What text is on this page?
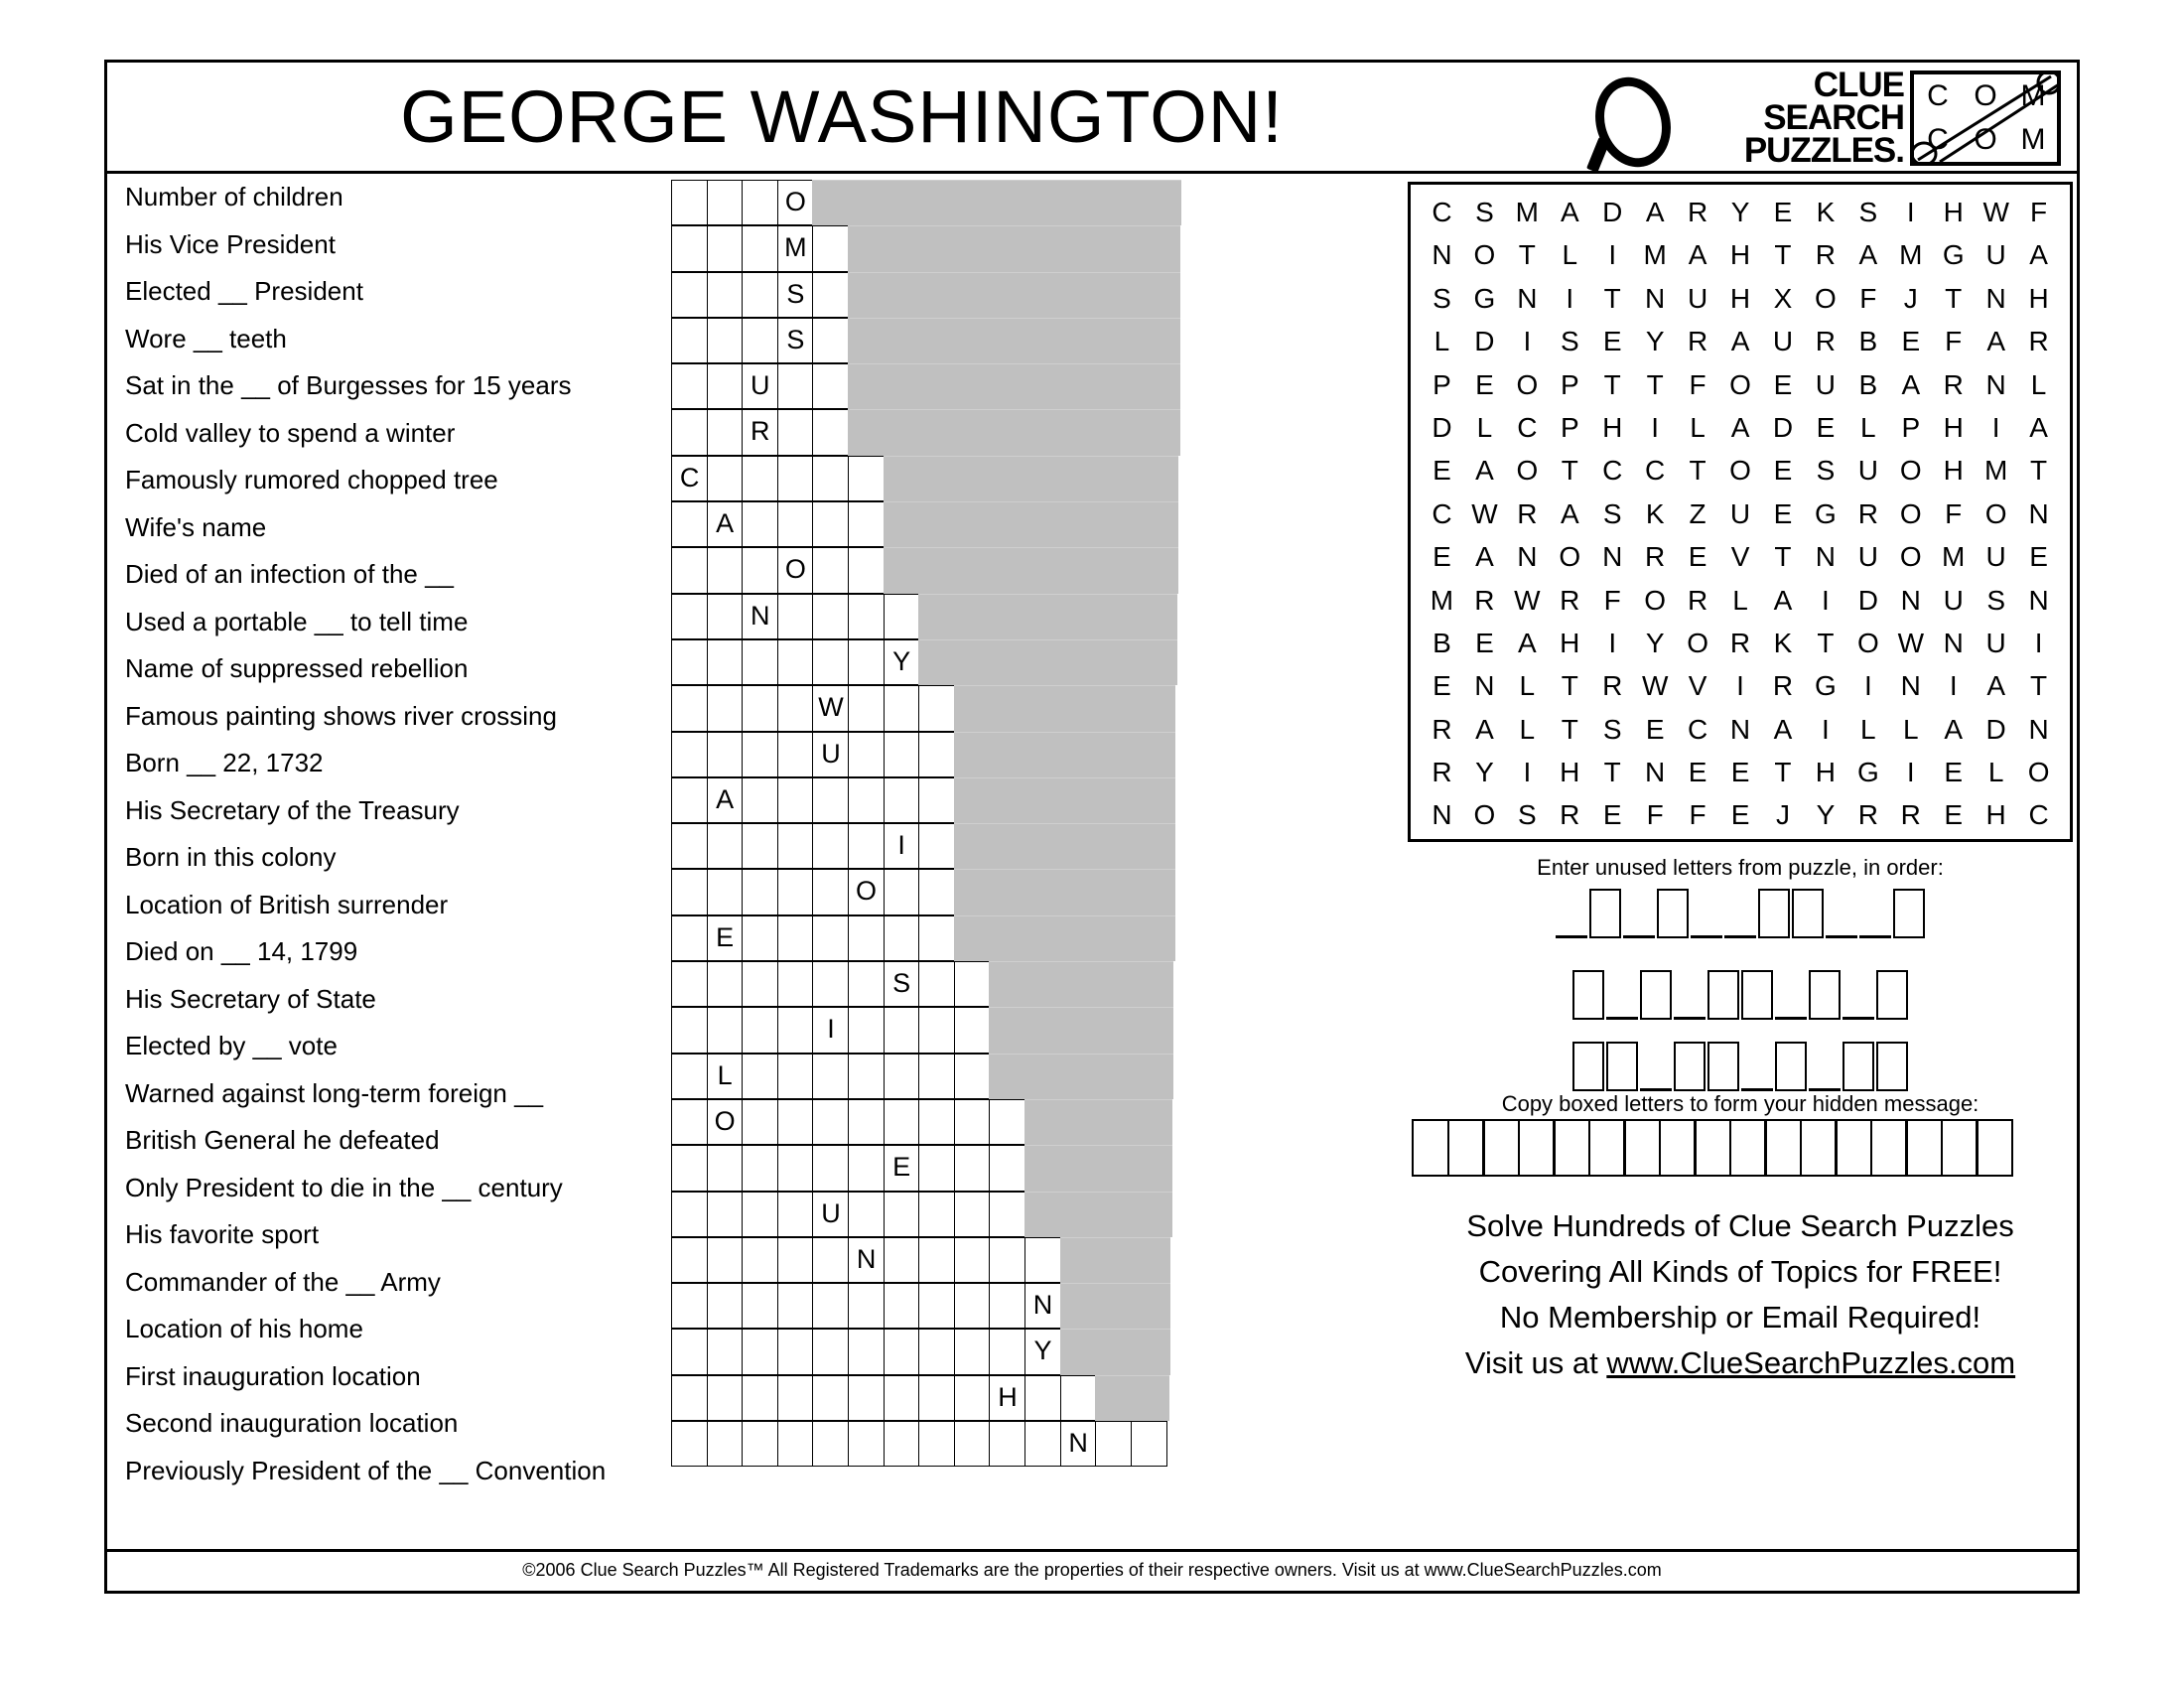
GEORGE WASHINGTON!	CLUE
SEARCH
PUZZLES.
C O M
C O M
Number of children
His Vice President
Elected __ President
Wore __ teeth
Sat in the __ of Burgesses for 15 years
Cold valley to spend a winter
Famously rumored chopped tree
Wife's name
Died of an infection of the __
Used a portable __ to tell time
Name of suppressed rebellion
Famous painting shows river crossing
Born __ 22, 1732
His Secretary of the Treasury
Born in this colony
Location of British surrender
Died on __ 14, 1799
His Secretary of State
Elected by __ vote
Warned against long-term foreign __
British General he defeated
Only President to die in the __ century
His favorite sport
Commander of the __ Army
Location of his home
First inauguration location
Second inauguration location
Previously President of the __ Convention
O
M
S
S
U
R
C
A
O
N
Y
W
U
A
I
O
E
S
I
L
O
E
U
N
N
Y
H
N
C S M A D A R Y E K S	I	H W F
N O T L	I M A H T R A M G U A
S G N	I	T N U H X O F J T N H
L D	I	S E Y R A U R B E F A R
P E O P T T F O E U B A R N L
D L C P H	I	L A D E L P H	I	A
E A O T C C T O E S U O H M T
C W R A S K Z U E G R O F O N
E A N O N R E V T N U O M U E
M R W R F O R L A	I	D N U S N
B E A H	I	Y O R K T O W N U	I
E N L T R W V	I	R G	I	N	I	A T
R A L T S E C N A	I	L L A D N
R Y	I	H T N E E T H G	I	E L O
N O S R E F F E J Y R R E H C
Enter unused letters from puzzle, in order:
Copy boxed letters to form your hidden message:
Solve Hundreds of Clue Search Puzzles
Covering All Kinds of Topics for FREE!
No Membership or Email Required!
Visit us at www.ClueSearchPuzzles.com
©2006 Clue Search Puzzles™ All Registered Trademarks are the properties of their respective owners. Visit us at www.ClueSearchPuzzles.com
